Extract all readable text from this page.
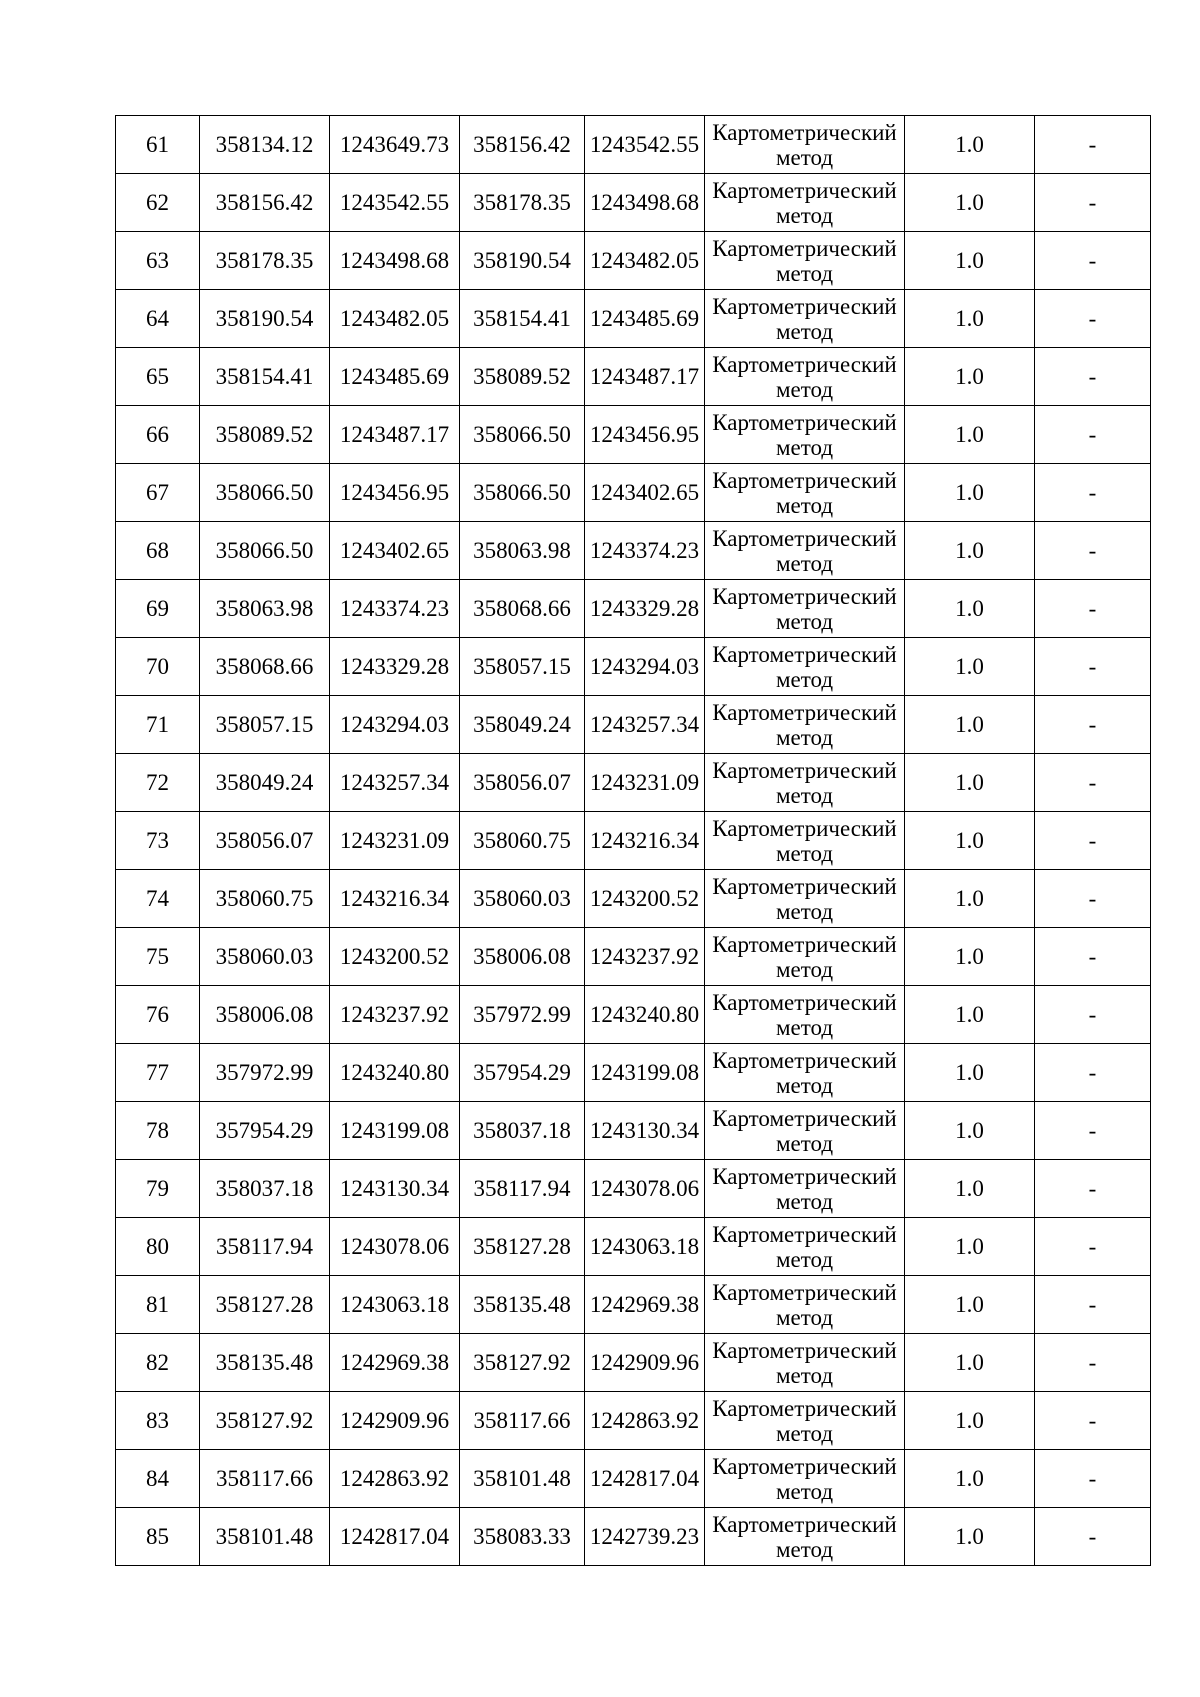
61	358134.12	1243649.73	358156.42	1243542.55	Картометрический
метод	1.0	-
62	358156.42	1243542.55	358178.35	1243498.68	Картометрический
метод	1.0	-
63	358178.35	1243498.68	358190.54	1243482.05	Картометрический
метод	1.0	-
64	358190.54	1243482.05	358154.41	1243485.69	Картометрический
метод	1.0	-
65	358154.41	1243485.69	358089.52	1243487.17	Картометрический
метод	1.0	-
66	358089.52	1243487.17	358066.50	1243456.95	Картометрический
метод	1.0	-
67	358066.50	1243456.95	358066.50	1243402.65	Картометрический
метод	1.0	-
68	358066.50	1243402.65	358063.98	1243374.23	Картометрический
метод	1.0	-
69	358063.98	1243374.23	358068.66	1243329.28	Картометрический
метод	1.0	-
70	358068.66	1243329.28	358057.15	1243294.03	Картометрический
метод	1.0	-
71	358057.15	1243294.03	358049.24	1243257.34	Картометрический
метод	1.0	-
72	358049.24	1243257.34	358056.07	1243231.09	Картометрический
метод	1.0	-
73	358056.07	1243231.09	358060.75	1243216.34	Картометрический
метод	1.0	-
74	358060.75	1243216.34	358060.03	1243200.52	Картометрический
метод	1.0	-
75	358060.03	1243200.52	358006.08	1243237.92	Картометрический
метод	1.0	-
76	358006.08	1243237.92	357972.99	1243240.80	Картометрический
метод	1.0	-
77	357972.99	1243240.80	357954.29	1243199.08	Картометрический
метод	1.0	-
78	357954.29	1243199.08	358037.18	1243130.34	Картометрический
метод	1.0	-
79	358037.18	1243130.34	358117.94	1243078.06	Картометрический
метод	1.0	-
80	358117.94	1243078.06	358127.28	1243063.18	Картометрический
метод	1.0	-
81	358127.28	1243063.18	358135.48	1242969.38	Картометрический
метод	1.0	-
82	358135.48	1242969.38	358127.92	1242909.96	Картометрический
метод	1.0	-
83	358127.92	1242909.96	358117.66	1242863.92	Картометрический
метод	1.0	-
84	358117.66	1242863.92	358101.48	1242817.04	Картометрический
метод	1.0	-
85	358101.48	1242817.04	358083.33	1242739.23	Картометрический
метод	1.0	-
